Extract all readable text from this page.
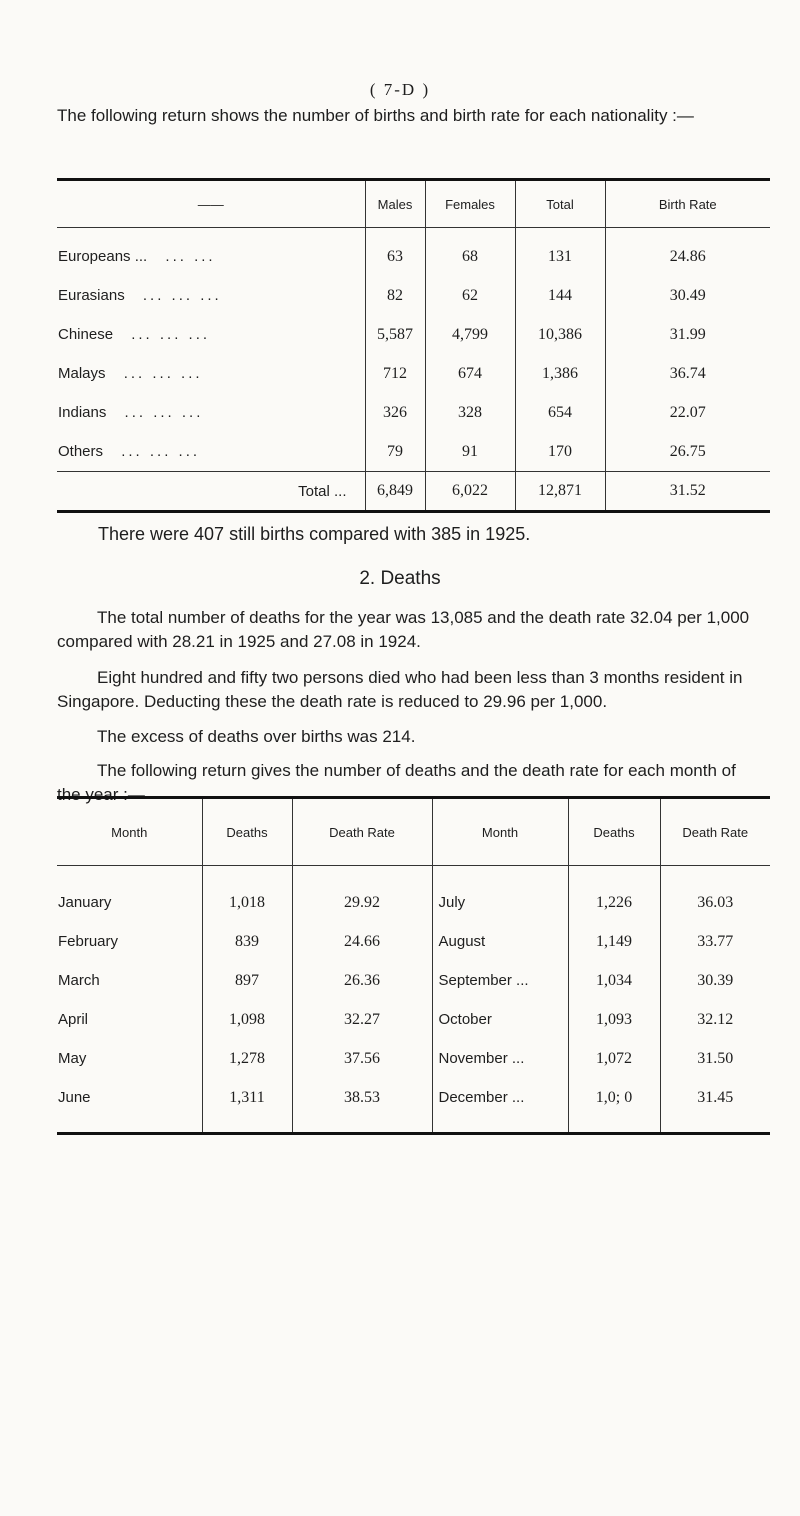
( 7-D )
The following return shows the number of births and birth rate for each nationality :—
——	Males	Females	Total	Birth Rate
Europeans ... ... ...	63	68	131	24.86
Eurasians ... ... ...	82	62	144	30.49
Chinese ... ... ...	5,587	4,799	10,386	31.99
Malays ... ... ...	712	674	1,386	36.74
Indians ... ... ...	326	328	654	22.07
Others ... ... ...	79	91	170	26.75
Total ...	6,849	6,022	12,871	31.52
There were 407 still births compared with 385 in 1925.
2. Deaths
The total number of deaths for the year was 13,085 and the death rate 32.04 per 1,000 compared with 28.21 in 1925 and 27.08 in 1924.
Eight hundred and fifty two persons died who had been less than 3 months resident in Singapore. Deducting these the death rate is reduced to 29.96 per 1,000.
The excess of deaths over births was 214.
The following return gives the number of deaths and the death rate for each month of the year :—
Month	Deaths	Death Rate	Month	Deaths	Death Rate
January	1,018	29.92	July	1,226	36.03
February	839	24.66	August	1,149	33.77
March	897	26.36	September ...	1,034	30.39
April	1,098	32.27	October	1,093	32.12
May	1,278	37.56	November ...	1,072	31.50
June	1,311	38.53	December ...	1,0; 0	31.45
